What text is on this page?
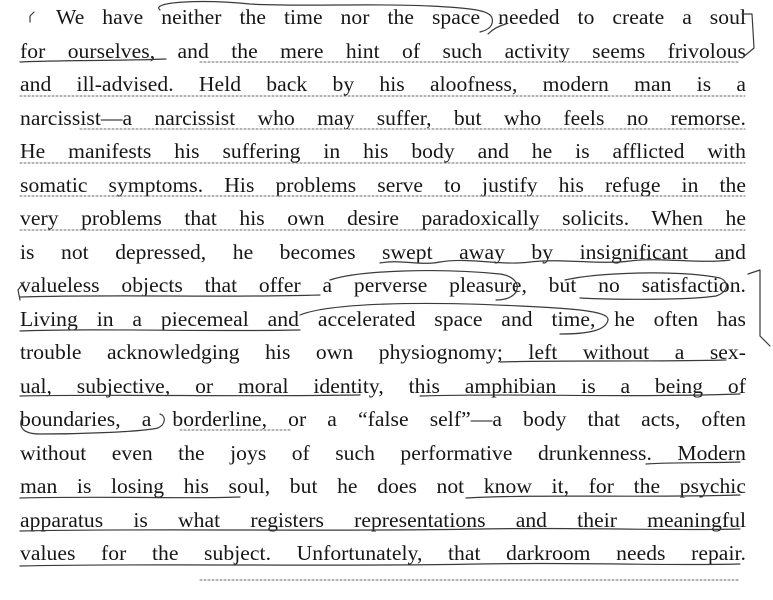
We have neither the time nor the space needed to create a soul
for ourselves, and the mere hint of such activity seems frivolous
and ill-advised. Held back by his aloofness, modern man is a
narcissist—a narcissist who may suffer, but who feels no remorse.
He manifests his suffering in his body and he is afflicted with
somatic symptoms. His problems serve to justify his refuge in the
very problems that his own desire paradoxically solicits. When he
is not depressed, he becomes swept away by insignificant and
valueless objects that offer a perverse pleasure, but no satisfaction.
Living in a piecemeal and accelerated space and time, he often has
trouble acknowledging his own physiognomy; left without a sex-
ual, subjective, or moral identity, this amphibian is a being of
boundaries, a borderline, or a “false self”—a body that acts, often
without even the joys of such performative drunkenness. Modern
man is losing his soul, but he does not know it, for the psychic
apparatus is what registers representations and their meaningful
values for the subject. Unfortunately, that darkroom needs repair.
